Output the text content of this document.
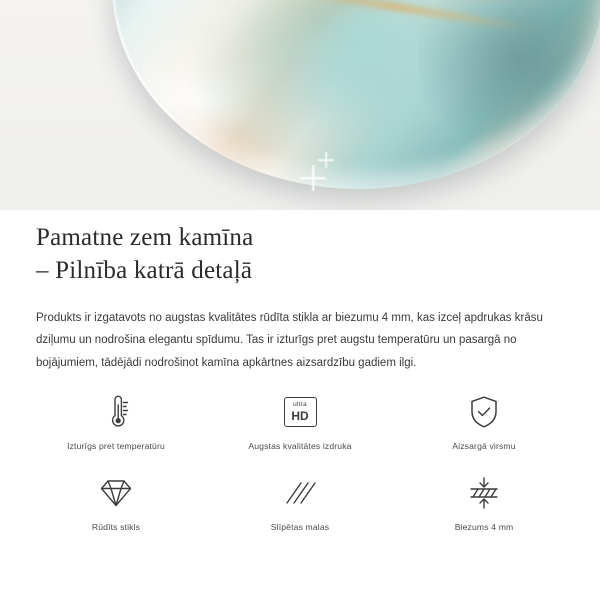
Pamatne zem kamīna
– Pilnība katrā detaļā

Produkts ir izgatavots no augstas kvalitātes rūdīta stikla ar biezumu 4 mm, kas izceļ apdrukas krāsu dziļumu un nodrošina elegantu spīdumu. Tas ir izturīgs pret augstu temperatūru un pasargā no bojājumiem, tādējādi nodrošinot kamīna apkārtnes aizsardzību gadiem ilgi.

Izturīgs pret temperatūru
ultra
HD
Augstas kvalitātes izdruka	Aizsargā virsmu
Rūdīts stikls	Slīpētas malas	Biezums 4 mm
